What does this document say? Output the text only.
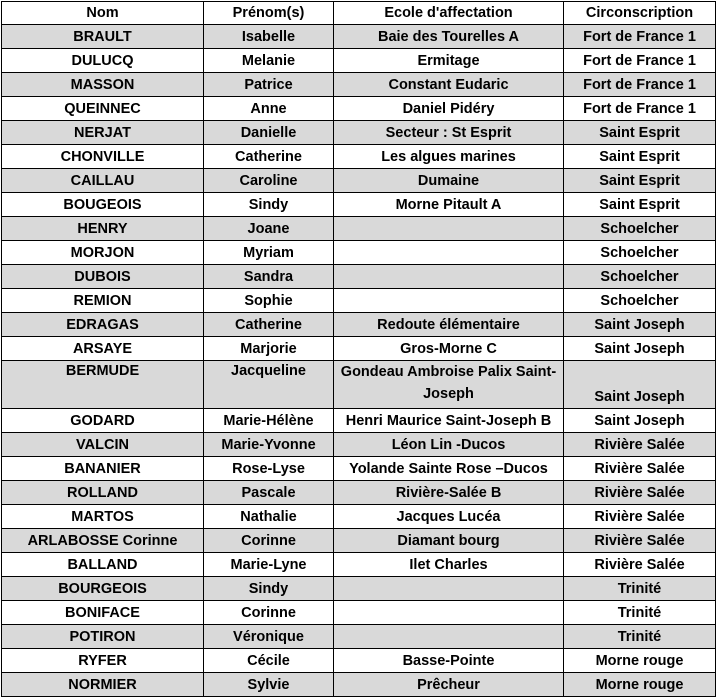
Nom	Prénom(s)	Ecole d'affectation	Circonscription
BRAULT	Isabelle	Baie des Tourelles A	Fort de France 1
DULUCQ	Melanie	Ermitage	Fort de France 1
MASSON	Patrice	Constant Eudaric	Fort de France 1
QUEINNEC	Anne	Daniel Pidéry	Fort de France 1
NERJAT	Danielle	Secteur : St Esprit	Saint Esprit
CHONVILLE	Catherine	Les algues marines	Saint Esprit
CAILLAU	Caroline	Dumaine	Saint Esprit
BOUGEOIS	Sindy	Morne Pitault A	Saint Esprit
HENRY	Joane		Schoelcher
MORJON	Myriam		Schoelcher
DUBOIS	Sandra		Schoelcher
REMION	Sophie		Schoelcher
EDRAGAS	Catherine	Redoute élémentaire	Saint Joseph
ARSAYE	Marjorie	Gros-Morne C	Saint Joseph
BERMUDE	Jacqueline	Gondeau Ambroise Palix Saint-Joseph	Saint Joseph
GODARD	Marie-Hélène	Henri Maurice Saint-Joseph B	Saint Joseph
VALCIN	Marie-Yvonne	Léon Lin -Ducos	Rivière Salée
BANANIER	Rose-Lyse	Yolande Sainte Rose –Ducos	Rivière Salée
ROLLAND	Pascale	Rivière-Salée B	Rivière Salée
MARTOS	Nathalie	Jacques Lucéa	Rivière Salée
ARLABOSSE Corinne	Corinne	Diamant bourg	Rivière Salée
BALLAND	Marie-Lyne	Ilet Charles	Rivière Salée
BOURGEOIS	Sindy		Trinité
BONIFACE	Corinne		Trinité
POTIRON	Véronique		Trinité
RYFER	Cécile	Basse-Pointe	Morne rouge
NORMIER	Sylvie	Prêcheur	Morne rouge
